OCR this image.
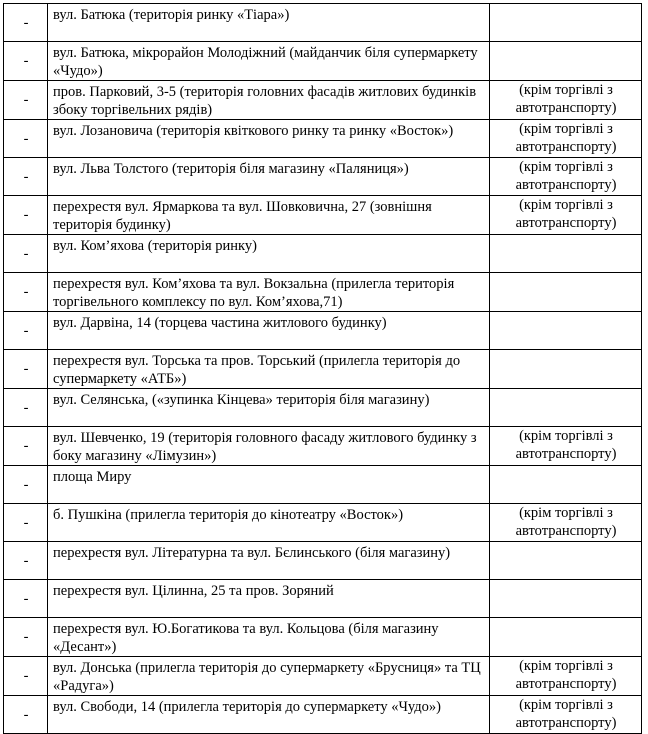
-	вул. Батюка (територія ринку «Тіара»)	
-	вул. Батюка, мікрорайон Молодіжний (майданчик біля супермаркету «Чудо»)	
-	пров. Парковий, 3-5 (територія головних фасадів житлових будинків збоку торгівельних рядів)	(крім торгівлі з автотранспорту)
-	вул. Лозановича (територія квіткового ринку та ринку «Восток»)	(крім торгівлі з автотранспорту)
-	вул. Льва Толстого (територія біля магазину «Паляниця»)	(крім торгівлі з автотранспорту)
-	перехрестя вул. Ярмаркова та вул. Шовковична, 27 (зовнішня територія будинку)	(крім торгівлі з автотранспорту)
-	вул. Ком’яхова (територія ринку)	
-	перехрестя вул. Ком’яхова та вул. Вокзальна (прилегла територія торгівельного комплексу по вул. Ком’яхова,71)	
-	вул. Дарвіна, 14 (торцева частина житлового будинку)	
-	перехрестя вул. Торська та пров. Торський (прилегла територія до супермаркету «АТБ»)	
-	вул. Селянська, («зупинка Кінцева» територія біля магазину)	
-	вул. Шевченко, 19 (територія головного фасаду житлового будинку з боку магазину «Лімузин»)	(крім торгівлі з автотранспорту)
-	площа Миру	
-	б. Пушкіна (прилегла територія до кінотеатру «Восток»)	(крім торгівлі з автотранспорту)
-	перехрестя вул. Літературна та вул. Бєлинського (біля магазину)	
-	перехрестя вул. Цілинна, 25 та пров. Зоряний	
-	перехрестя вул. Ю.Богатикова та вул. Кольцова (біля магазину «Десант»)	
-	вул. Донська (прилегла територія до супермаркету «Брусниця» та ТЦ «Радуга»)	(крім торгівлі з автотранспорту)
-	вул. Свободи, 14 (прилегла територія до супермаркету «Чудо»)	(крім торгівлі з автотранспорту)
